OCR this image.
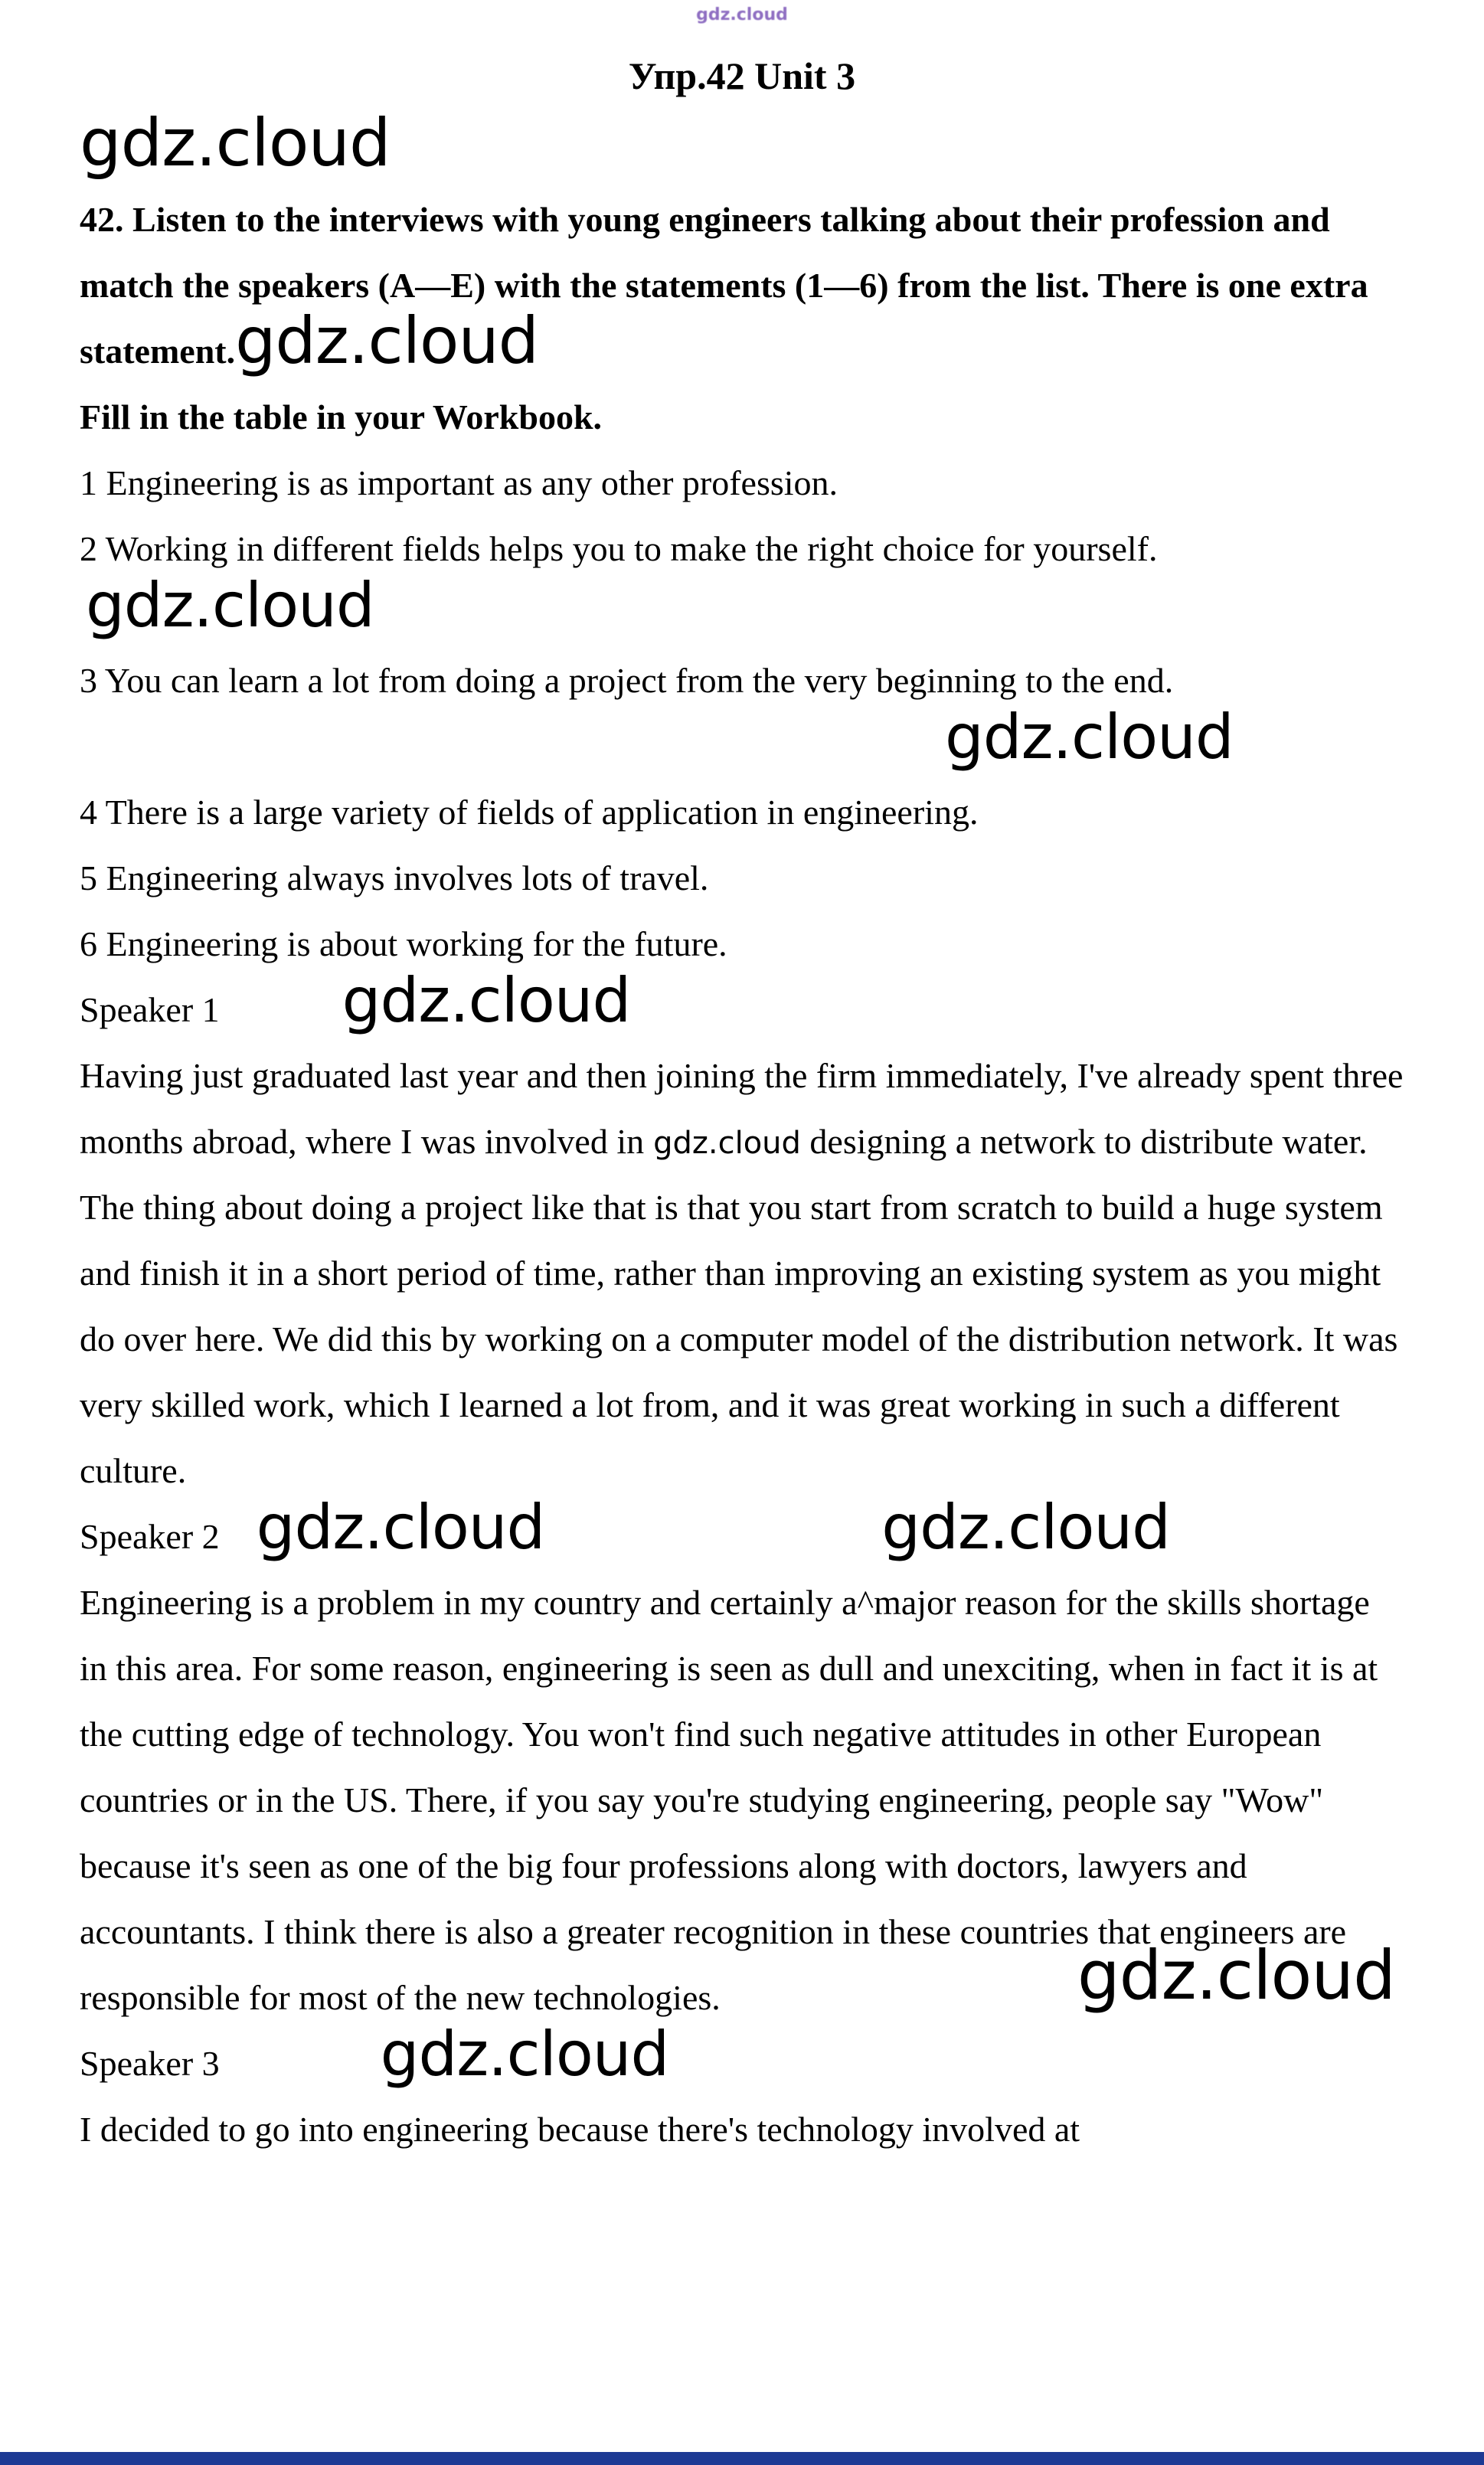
gdz.cloud
Упр.42 Unit 3
gdz.cloud

42. Listen to the interviews with young engineers talking about their profession and match the speakers (A—E) with the statements (1—6) from the list. There is one extra statement.gdz.cloud

Fill in the table in your Workbook.

1 Engineering is as important as any other profession.

2 Working in different fields helps you to make the right choice for yourself.gdz.cloud

3 You can learn a lot from doing a project from the very beginning to the end.gdz.cloud

4 There is a large variety of fields of application in engineering.

5 Engineering always involves lots of travel.

6 Engineering is about working for the future.

Speaker 1 gdz.cloud

Having just graduated last year and then joining the firm immediately, I've already spent three months abroad, where I was involved in gdz.cloud designing a network to distribute water. The thing about doing a project like that is that you start from scratch to build a huge system and finish it in a short period of time, rather than improving an existing system as you might do over here. We did this by working on a computer model of the distribution network. It was very skilled work, which I learned a lot from, and it was great working in such a different culture.

Speaker 2 gdz.cloud	gdz.cloud

Engineering is a problem in my country and certainly a^major reason for the skills shortage in this area. For some reason, engineering is seen as dull and unexciting, when in fact it is at the cutting edge of technology. You won't find such negative attitudes in other European countries or in the US. There, if you say you're studying engineering, people say "Wow" because it's seen as one of the big four professions along with doctors, lawyers and accountants. I think there is also a greater recognition in these countries that engineers are responsible for most of the new technologies.	gdz.cloud

Speaker 3	gdz.cloud

I decided to go into engineering because there's technology involved at
